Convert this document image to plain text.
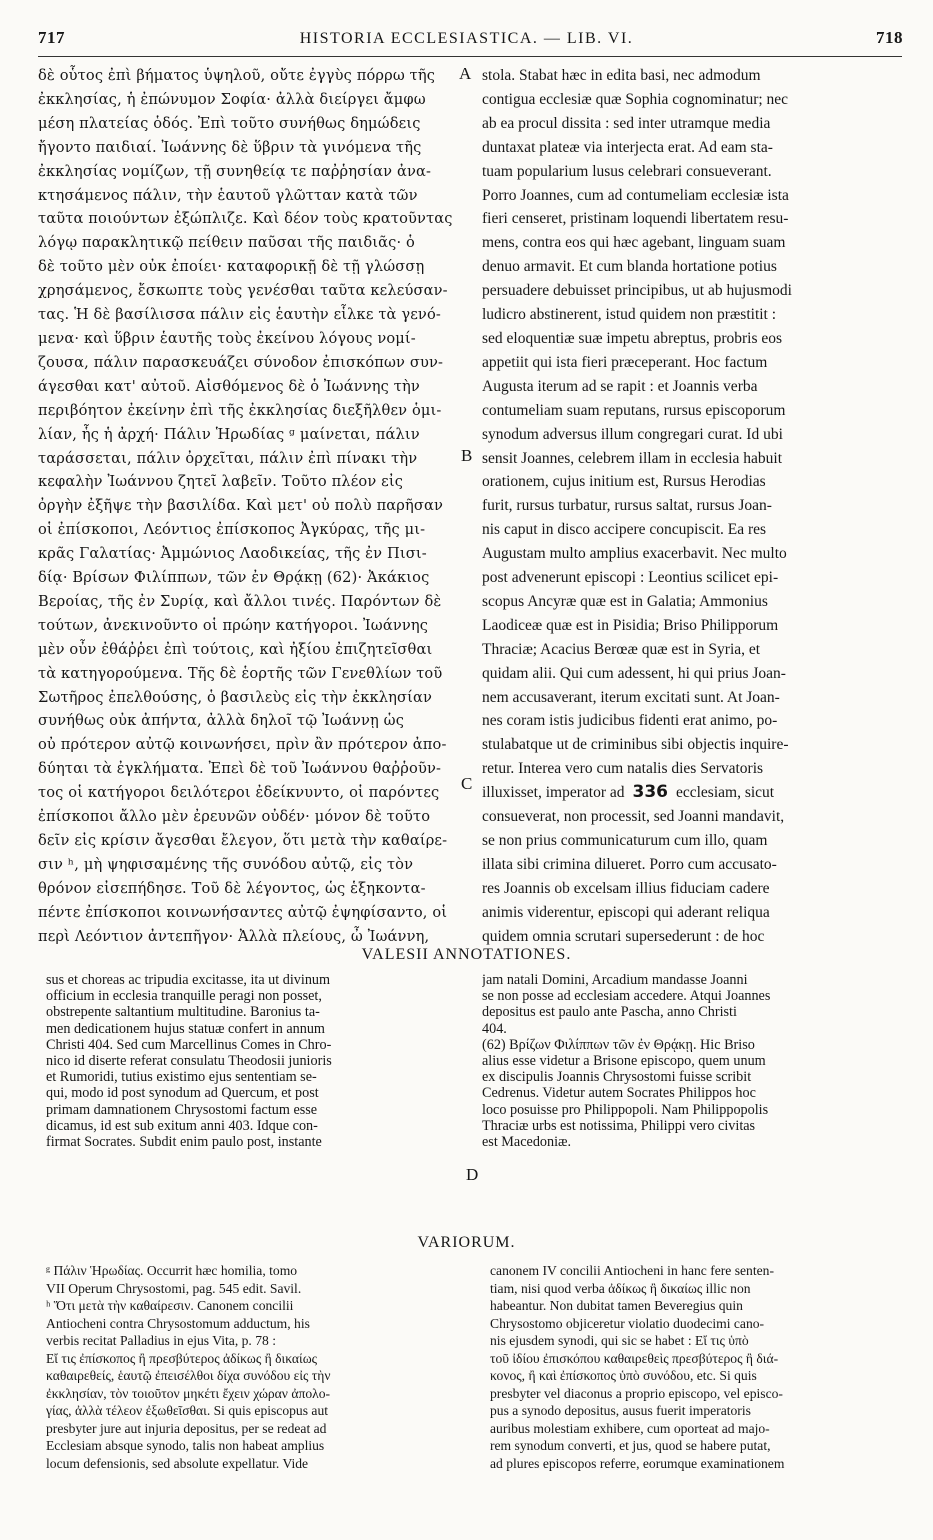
717	HISTORIA ECCLESIASTICA. — LIB. VI.	718
A
B
C
D

δὲ οὗτος ἐπὶ βήματος ὑψηλοῦ, οὔτε ἐγγὺς πόρρω τῆς

ἐκκλησίας, ἡ ἐπώνυμον Σοφία· ἀλλὰ διείργει ἄμφω

μέση πλατείας ὁδός. Ἐπὶ τοῦτο συνήθως δημώδεις

ἤγοντο παιδιαί. Ἰωάννης δὲ ὕβριν τὰ γινόμενα τῆς

ἐκκλησίας νομίζων, τῇ συνηθείᾳ τε παῤῥησίαν ἀνα-

κτησάμενος πάλιν, τὴν ἑαυτοῦ γλῶτταν κατὰ τῶν

ταῦτα ποιούντων ἐξώπλιζε. Καὶ δέον τοὺς κρατοῦντας

λόγῳ παρακλητικῷ πείθειν παῦσαι τῆς παιδιᾶς· ὁ

δὲ τοῦτο μὲν οὐκ ἐποίει· καταφορικῇ δὲ τῇ γλώσσῃ

χρησάμενος, ἔσκωπτε τοὺς γενέσθαι ταῦτα κελεύσαν-

τας. Ἡ δὲ βασίλισσα πάλιν εἰς ἑαυτὴν εἷλκε τὰ γενό-

μενα· καὶ ὕβριν ἑαυτῆς τοὺς ἐκείνου λόγους νομί-

ζουσα, πάλιν παρασκευάζει σύνοδον ἐπισκόπων συν-

άγεσθαι κατ' αὐτοῦ. Αἰσθόμενος δὲ ὁ Ἰωάννης τὴν

περιβόητον ἐκείνην ἐπὶ τῆς ἐκκλησίας διεξῆλθεν ὁμι-

λίαν, ἧς ἡ ἀρχή· Πάλιν Ἡρωδίας ᵍ μαίνεται, πάλιν

ταράσσεται, πάλιν ὀρχεῖται, πάλιν ἐπὶ πίνακι τὴν

κεφαλὴν Ἰωάννου ζητεῖ λαβεῖν. Τοῦτο πλέον εἰς

ὀργὴν ἐξῆψε τὴν βασιλίδα. Καὶ μετ' οὐ πολὺ παρῆσαν

οἱ ἐπίσκοποι, Λεόντιος ἐπίσκοπος Ἀγκύρας, τῆς μι-

κρᾶς Γαλατίας· Ἀμμώνιος Λαοδικείας, τῆς ἐν Πισι-

δίᾳ· Βρίσων Φιλίππων, τῶν ἐν Θρᾴκῃ (62)· Ἀκάκιος

Βεροίας, τῆς ἐν Συρίᾳ, καὶ ἄλλοι τινές. Παρόντων δὲ

τούτων, ἀνεκινοῦντο οἱ πρώην κατήγοροι. Ἰωάννης

μὲν οὖν ἐθάῤῥει ἐπὶ τούτοις, καὶ ἠξίου ἐπιζητεῖσθαι

τὰ κατηγορούμενα. Τῆς δὲ ἑορτῆς τῶν Γενεθλίων τοῦ

Σωτῆρος ἐπελθούσης, ὁ βασιλεὺς εἰς τὴν ἐκκλησίαν

συνήθως οὐκ ἀπήντα, ἀλλὰ δηλοῖ τῷ Ἰωάννῃ ὡς

οὐ πρότερον αὐτῷ κοινωνήσει, πρὶν ἂν πρότερον ἀπο-

δύηται τὰ ἐγκλήματα. Ἐπεὶ δὲ τοῦ Ἰωάννου θαῤῥοῦν-

τος οἱ κατήγοροι δειλότεροι ἐδείκνυντο, οἱ παρόντες

ἐπίσκοποι ἄλλο μὲν ἐρευνῶν οὐδέν· μόνον δὲ τοῦτο

δεῖν εἰς κρίσιν ἄγεσθαι ἔλεγον, ὅτι μετὰ τὴν καθαίρε-

σιν ʰ, μὴ ψηφισαμένης τῆς συνόδου αὐτῷ, εἰς τὸν

θρόνον εἰσεπήδησε. Τοῦ δὲ λέγοντος, ὡς ἑξηκοντα-

πέντε ἐπίσκοποι κοινωνήσαντες αὐτῷ ἐψηφίσαντο, οἱ

περὶ Λεόντιον ἀντεπῆγον· Ἀλλὰ πλείους, ὦ Ἰωάννη,

stola. Stabat hæc in edita basi, nec admodum

contigua ecclesiæ quæ Sophia cognominatur; nec

ab ea procul dissita : sed inter utramque media

duntaxat plateæ via interjecta erat. Ad eam sta-

tuam popularium lusus celebrari consueverant.

Porro Joannes, cum ad contumeliam ecclesiæ ista

fieri censeret, pristinam loquendi libertatem resu-

mens, contra eos qui hæc agebant, linguam suam

denuo armavit. Et cum blanda hortatione potius

persuadere debuisset principibus, ut ab hujusmodi

ludicro abstinerent, istud quidem non præstitit :

sed eloquentiæ suæ impetu abreptus, probris eos

appetiit qui ista fieri præceperant. Hoc factum

Augusta iterum ad se rapit : et Joannis verba

contumeliam suam reputans, rursus episcoporum

synodum adversus illum congregari curat. Id ubi

sensit Joannes, celebrem illam in ecclesia habuit

orationem, cujus initium est, Rursus Herodias

furit, rursus turbatur, rursus saltat, rursus Joan-

nis caput in disco accipere concupiscit. Ea res

Augustam multo amplius exacerbavit. Nec multo

post advenerunt episcopi : Leontius scilicet epi-

scopus Ancyræ quæ est in Galatia; Ammonius

Laodiceæ quæ est in Pisidia; Briso Philipporum

Thraciæ; Acacius Berœæ quæ est in Syria, et

quidam alii. Qui cum adessent, hi qui prius Joan-

nem accusaverant, iterum excitati sunt. At Joan-

nes coram istis judicibus fidenti erat animo, po-

stulabatque ut de criminibus sibi objectis inquire-

retur. Interea vero cum natalis dies Servatoris

illuxisset, imperator ad 336 ecclesiam, sicut

consueverat, non processit, sed Joanni mandavit,

se non prius communicaturum cum illo, quam

illata sibi crimina dilueret. Porro cum accusato-

res Joannis ob excelsam illius fiduciam cadere

animis viderentur, episcopi qui aderant reliqua

quidem omnia scrutari supersederunt : de hoc

VALESII ANNOTATIONES.

sus et choreas ac tripudia excitasse, ita ut divinum

officium in ecclesia tranquille peragi non posset,

obstrepente saltantium multitudine. Baronius ta-

men dedicationem hujus statuæ confert in annum

Christi 404. Sed cum Marcellinus Comes in Chro-

nico id diserte referat consulatu Theodosii junioris

et Rumoridi, tutius existimo ejus sententiam se-

qui, modo id post synodum ad Quercum, et post

primam damnationem Chrysostomi factum esse

dicamus, id est sub exitum anni 403. Idque con-

firmat Socrates. Subdit enim paulo post, instante

jam natali Domini, Arcadium mandasse Joanni

se non posse ad ecclesiam accedere. Atqui Joannes

depositus est paulo ante Pascha, anno Christi

404.

(62) Βρίζων Φιλίππων τῶν ἐν Θρᾴκῃ. Hic Briso

alius esse videtur a Brisone episcopo, quem unum

ex discipulis Joannis Chrysostomi fuisse scribit

Cedrenus. Videtur autem Socrates Philippos hoc

loco posuisse pro Philippopoli. Nam Philippopolis

Thraciæ urbs est notissima, Philippi vero civitas

est Macedoniæ.

VARIORUM.

ᵍ Πάλιν Ἡρωδίας. Occurrit hæc homilia, tomo

VII Operum Chrysostomi, pag. 545 edit. Savil.

ʰ Ὅτι μετὰ τὴν καθαίρεσιν. Canonem concilii

Antiocheni contra Chrysostomum adductum, his

verbis recitat Palladius in ejus Vita, p. 78 :

Εἴ τις ἐπίσκοπος ἢ πρεσβύτερος ἀδίκως ἢ δικαίως

καθαιρεθείς, ἑαυτῷ ἐπεισέλθοι δίχα συνόδου εἰς τὴν

ἐκκλησίαν, τὸν τοιοῦτον μηκέτι ἔχειν χώραν ἀπολο-

γίας, ἀλλὰ τέλεον ἐξωθεῖσθαι. Si quis episcopus aut

presbyter jure aut injuria depositus, per se redeat ad

Ecclesiam absque synodo, talis non habeat amplius

locum defensionis, sed absolute expellatur. Vide

canonem IV concilii Antiocheni in hanc fere senten-

tiam, nisi quod verba ἀδίκως ἢ δικαίως illic non

habeantur. Non dubitat tamen Beveregius quin

Chrysostomo objiceretur violatio duodecimi cano-

nis ejusdem synodi, qui sic se habet : Εἴ τις ὑπὸ

τοῦ ἰδίου ἐπισκόπου καθαιρεθεὶς πρεσβύτερος ἢ διά-

κονος, ἢ καὶ ἐπίσκοπος ὑπὸ συνόδου, etc. Si quis

presbyter vel diaconus a proprio episcopo, vel episco-

pus a synodo depositus, ausus fuerit imperatoris

auribus molestiam exhibere, cum oporteat ad majo-

rem synodum converti, et jus, quod se habere putat,

ad plures episcopos referre, eorumque examinationem
